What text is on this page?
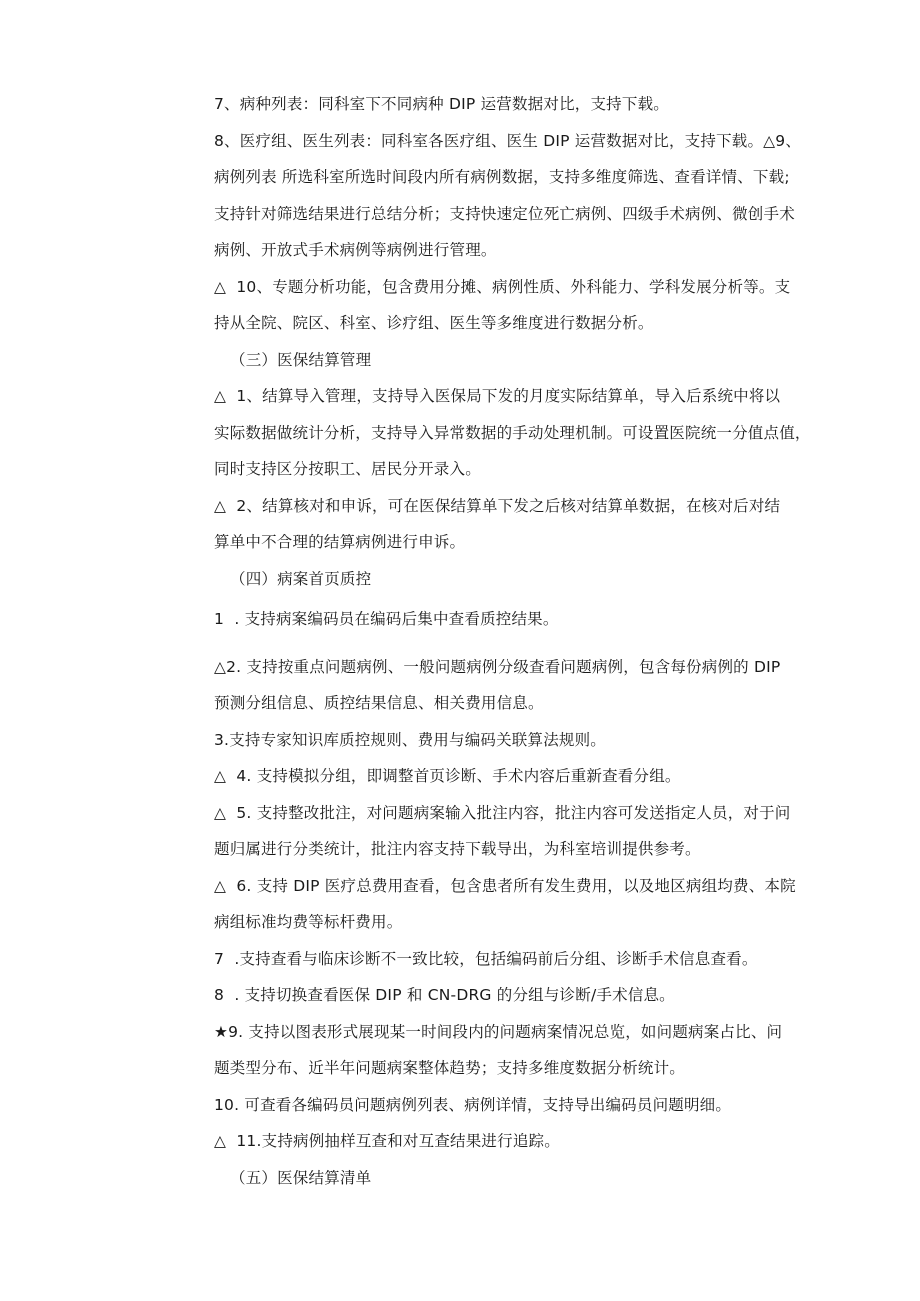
7、病种列表：同科室下不同病种 DIP 运营数据对比，支持下载。
8、医疗组、医生列表：同科室各医疗组、医生 DIP 运营数据对比，支持下载。△9、
病例列表 所选科室所选时间段内所有病例数据，支持多维度筛选、查看详情、下载;
支持针对筛选结果进行总结分析；支持快速定位死亡病例、四级手术病例、微创手术
病例、开放式手术病例等病例进行管理。
△  10、专题分析功能，包含费用分摊、病例性质、外科能力、学科发展分析等。支
持从全院、院区、科室、诊疗组、医生等多维度进行数据分析。
（三）医保结算管理
△  1、结算导入管理，支持导入医保局下发的月度实际结算单，导入后系统中将以
实际数据做统计分析，支持导入异常数据的手动处理机制。可设置医院统一分值点值，
同时支持区分按职工、居民分开录入。
△  2、结算核对和申诉，可在医保结算单下发之后核对结算单数据，在核对后对结
算单中不合理的结算病例进行申诉。
（四）病案首页质控
1  . 支持病案编码员在编码后集中查看质控结果。
△2. 支持按重点问题病例、一般问题病例分级查看问题病例，包含每份病例的 DIP
预测分组信息、质控结果信息、相关费用信息。
3.支持专家知识库质控规则、费用与编码关联算法规则。
△  4. 支持模拟分组，即调整首页诊断、手术内容后重新查看分组。
△  5. 支持整改批注，对问题病案输入批注内容，批注内容可发送指定人员，对于问
题归属进行分类统计，批注内容支持下载导出，为科室培训提供参考。
△  6. 支持 DIP 医疗总费用查看，包含患者所有发生费用，以及地区病组均费、本院
病组标准均费等标杆费用。
7  .支持查看与临床诊断不一致比较，包括编码前后分组、诊断手术信息查看。
8  . 支持切换查看医保 DIP 和 CN-DRG 的分组与诊断/手术信息。
★9. 支持以图表形式展现某一时间段内的问题病案情况总览，如问题病案占比、问
题类型分布、近半年问题病案整体趋势；支持多维度数据分析统计。
10. 可查看各编码员问题病例列表、病例详情，支持导出编码员问题明细。
△  11.支持病例抽样互查和对互查结果进行追踪。
（五）医保结算清单
